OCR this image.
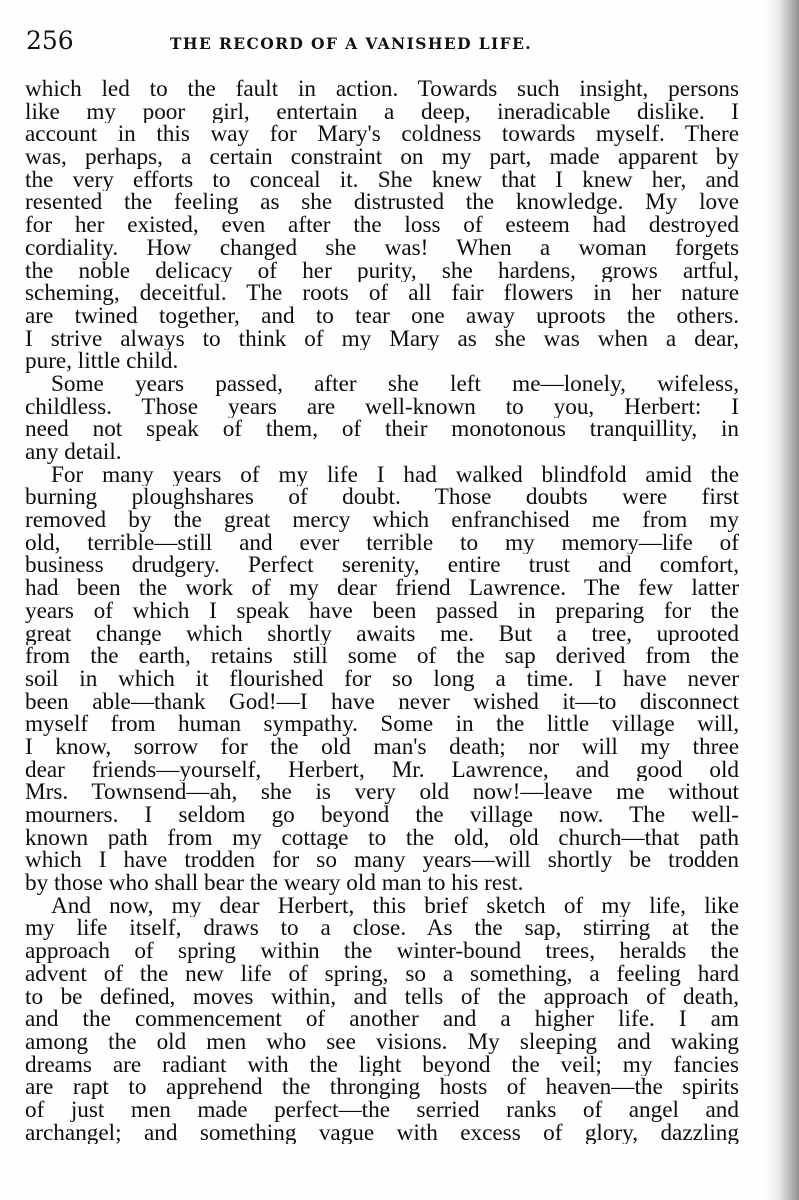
256	THE RECORD OF A VANISHED LIFE.
which led to the fault in action. Towards such insight, persons
like my poor girl, entertain a deep, ineradicable dislike. I
account in this way for Mary's coldness towards myself. There
was, perhaps, a certain constraint on my part, made apparent by
the very efforts to conceal it. She knew that I knew her, and
resented the feeling as she distrusted the knowledge. My love
for her existed, even after the loss of esteem had destroyed
cordiality. How changed she was! When a woman forgets
the noble delicacy of her purity, she hardens, grows artful,
scheming, deceitful. The roots of all fair flowers in her nature
are twined together, and to tear one away uproots the others.
I strive always to think of my Mary as she was when a dear,
pure, little child.
Some years passed, after she left me—lonely, wifeless,
childless. Those years are well-known to you, Herbert: I
need not speak of them, of their monotonous tranquillity, in
any detail.
For many years of my life I had walked blindfold amid the
burning ploughshares of doubt. Those doubts were first
removed by the great mercy which enfranchised me from my
old, terrible—still and ever terrible to my memory—life of
business drudgery. Perfect serenity, entire trust and comfort,
had been the work of my dear friend Lawrence. The few latter
years of which I speak have been passed in preparing for the
great change which shortly awaits me. But a tree, uprooted
from the earth, retains still some of the sap derived from the
soil in which it flourished for so long a time. I have never
been able—thank God!—I have never wished it—to disconnect
myself from human sympathy. Some in the little village will,
I know, sorrow for the old man's death; nor will my three
dear friends—yourself, Herbert, Mr. Lawrence, and good old
Mrs. Townsend—ah, she is very old now!—leave me without
mourners. I seldom go beyond the village now. The well-
known path from my cottage to the old, old church—that path
which I have trodden for so many years—will shortly be trodden
by those who shall bear the weary old man to his rest.
And now, my dear Herbert, this brief sketch of my life, like
my life itself, draws to a close. As the sap, stirring at the
approach of spring within the winter-bound trees, heralds the
advent of the new life of spring, so a something, a feeling hard
to be defined, moves within, and tells of the approach of death,
and the commencement of another and a higher life. I am
among the old men who see visions. My sleeping and waking
dreams are radiant with the light beyond the veil; my fancies
are rapt to apprehend the thronging hosts of heaven—the spirits
of just men made perfect—the serried ranks of angel and
archangel; and something vague with excess of glory, dazzling
